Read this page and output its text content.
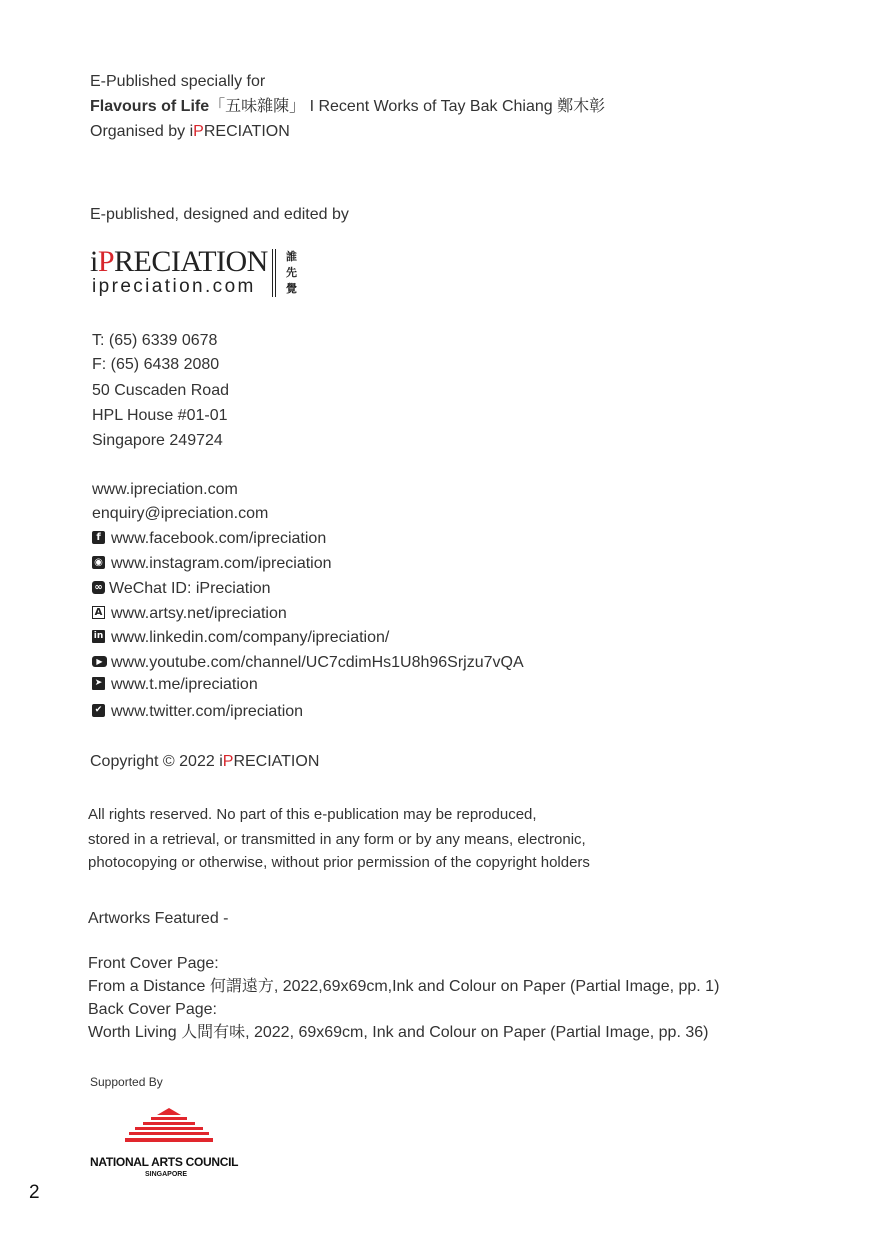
E-Published specially for
Flavours of Life「五味雜陳」 I Recent Works of Tay Bak Chiang 鄭木彰
Organised by iPRECIATION
E-published, designed and edited by
iPRECIATION
ipreciation.com
誰
先
覺
T: (65) 6339 0678
F: (65) 6438 2080
50 Cuscaden Road
HPL House #01-01
Singapore 249724
www.ipreciation.com
enquiry@ipreciation.com
f www.facebook.com/ipreciation
◉ www.instagram.com/ipreciation
∞ WeChat ID: iPreciation
A www.artsy.net/ipreciation
in www.linkedin.com/company/ipreciation/
▶ www.youtube.com/channel/UC7cdimHs1U8h96Srjzu7vQA
➤ www.t.me/ipreciation
✔ www.twitter.com/ipreciation
Copyright © 2022 iPRECIATION
All rights reserved. No part of this e-publication may be reproduced,
stored in a retrieval, or transmitted in any form or by any means, electronic,
photocopying or otherwise, without prior permission of the copyright holders
Artworks Featured -
Front Cover Page:
From a Distance 何謂遠方, 2022,69x69cm,Ink and Colour on Paper (Partial Image, pp. 1)
Back Cover Page:
Worth Living 人間有味, 2022, 69x69cm, Ink and Colour on Paper (Partial Image, pp. 36)
Supported By
NATIONAL ARTS COUNCIL
SINGAPORE
2
